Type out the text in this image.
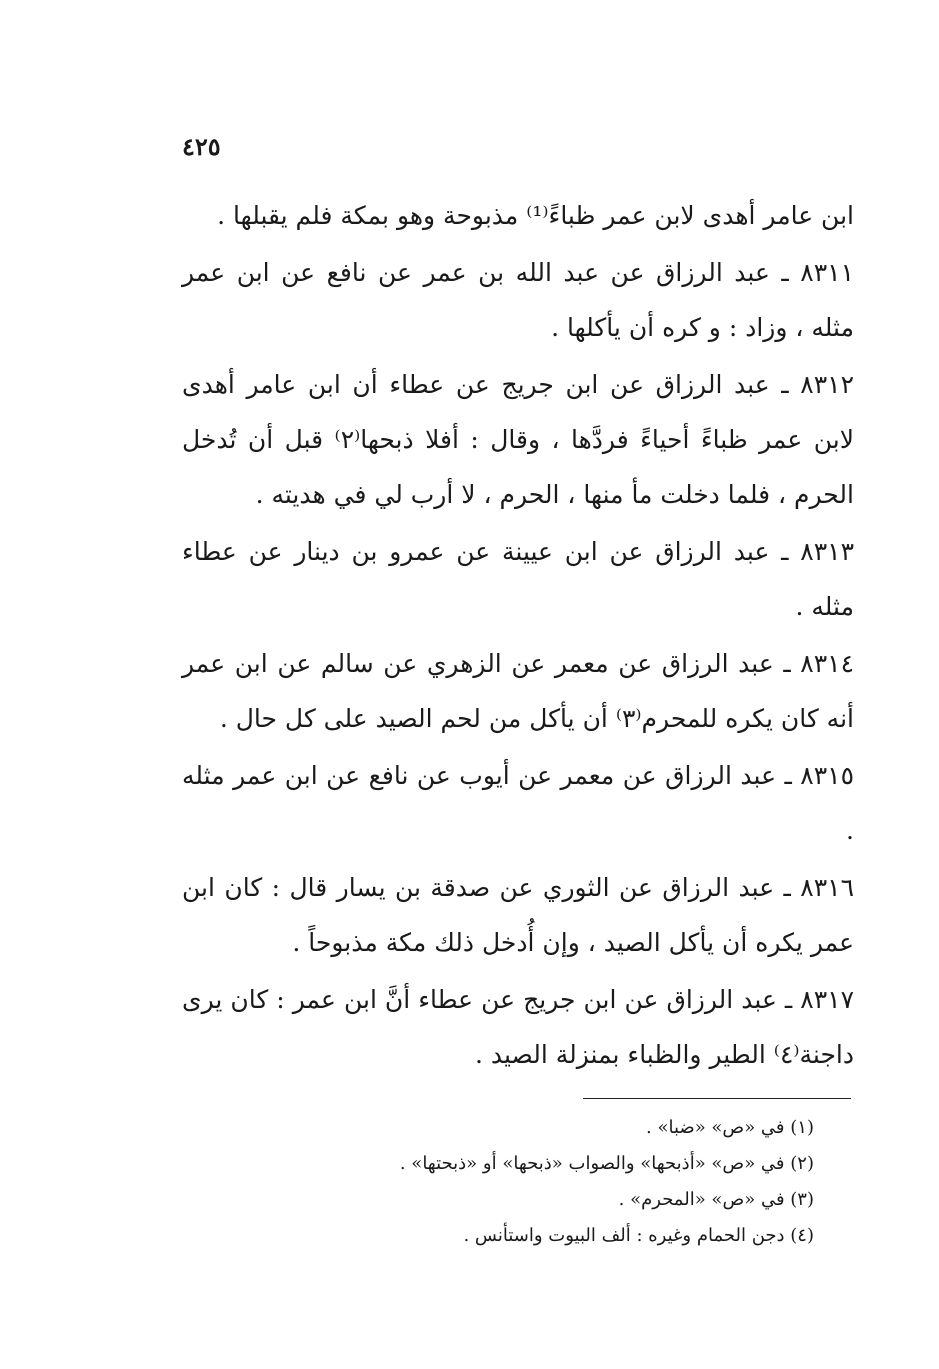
٤٢٥

ابن عامر أهدى لابن عمر ظباءً⁽¹⁾ مذبوحة وهو بمكة فلم يقبلها .

٨٣١١ ـ عبد الرزاق عن عبد الله بن عمر عن نافع عن ابن عمر مثله ، وزاد : و كره أن يأكلها .

٨٣١٢ ـ عبد الرزاق عن ابن جريج عن عطاء أن ابن عامر أهدى لابن عمر ظباءً أحياءً فردَّها ، وقال : أفلا ذبحها⁽٢⁾ قبل أن تُدخل الحرم ، فلما دخلت مأ منها ، الحرم ، لا أرب لي في هديته .

٨٣١٣ ـ عبد الرزاق عن ابن عيينة عن عمرو بن دينار عن عطاء مثله .

٨٣١٤ ـ عبد الرزاق عن معمر عن الزهري عن سالم عن ابن عمر أنه كان يكره للمحرم⁽٣⁾ أن يأكل من لحم الصيد على كل حال .

٨٣١٥ ـ عبد الرزاق عن معمر عن أيوب عن نافع عن ابن عمر مثله .

٨٣١٦ ـ عبد الرزاق عن الثوري عن صدقة بن يسار قال : كان ابن عمر يكره أن يأكل الصيد ، وإن أُدخل ذلك مكة مذبوحاً .

٨٣١٧ ـ عبد الرزاق عن ابن جريج عن عطاء أنَّ ابن عمر : كان يرى داجنة⁽٤⁾ الطير والظباء بمنزلة الصيد .

(١) في «ص» «ضبا» .

(٢) في «ص» «أذبحها» والصواب «ذبحها» أو «ذبحتها» .

(٣) في «ص» «المحرم» .

(٤) دجن الحمام وغيره : ألف البيوت واستأنس .
